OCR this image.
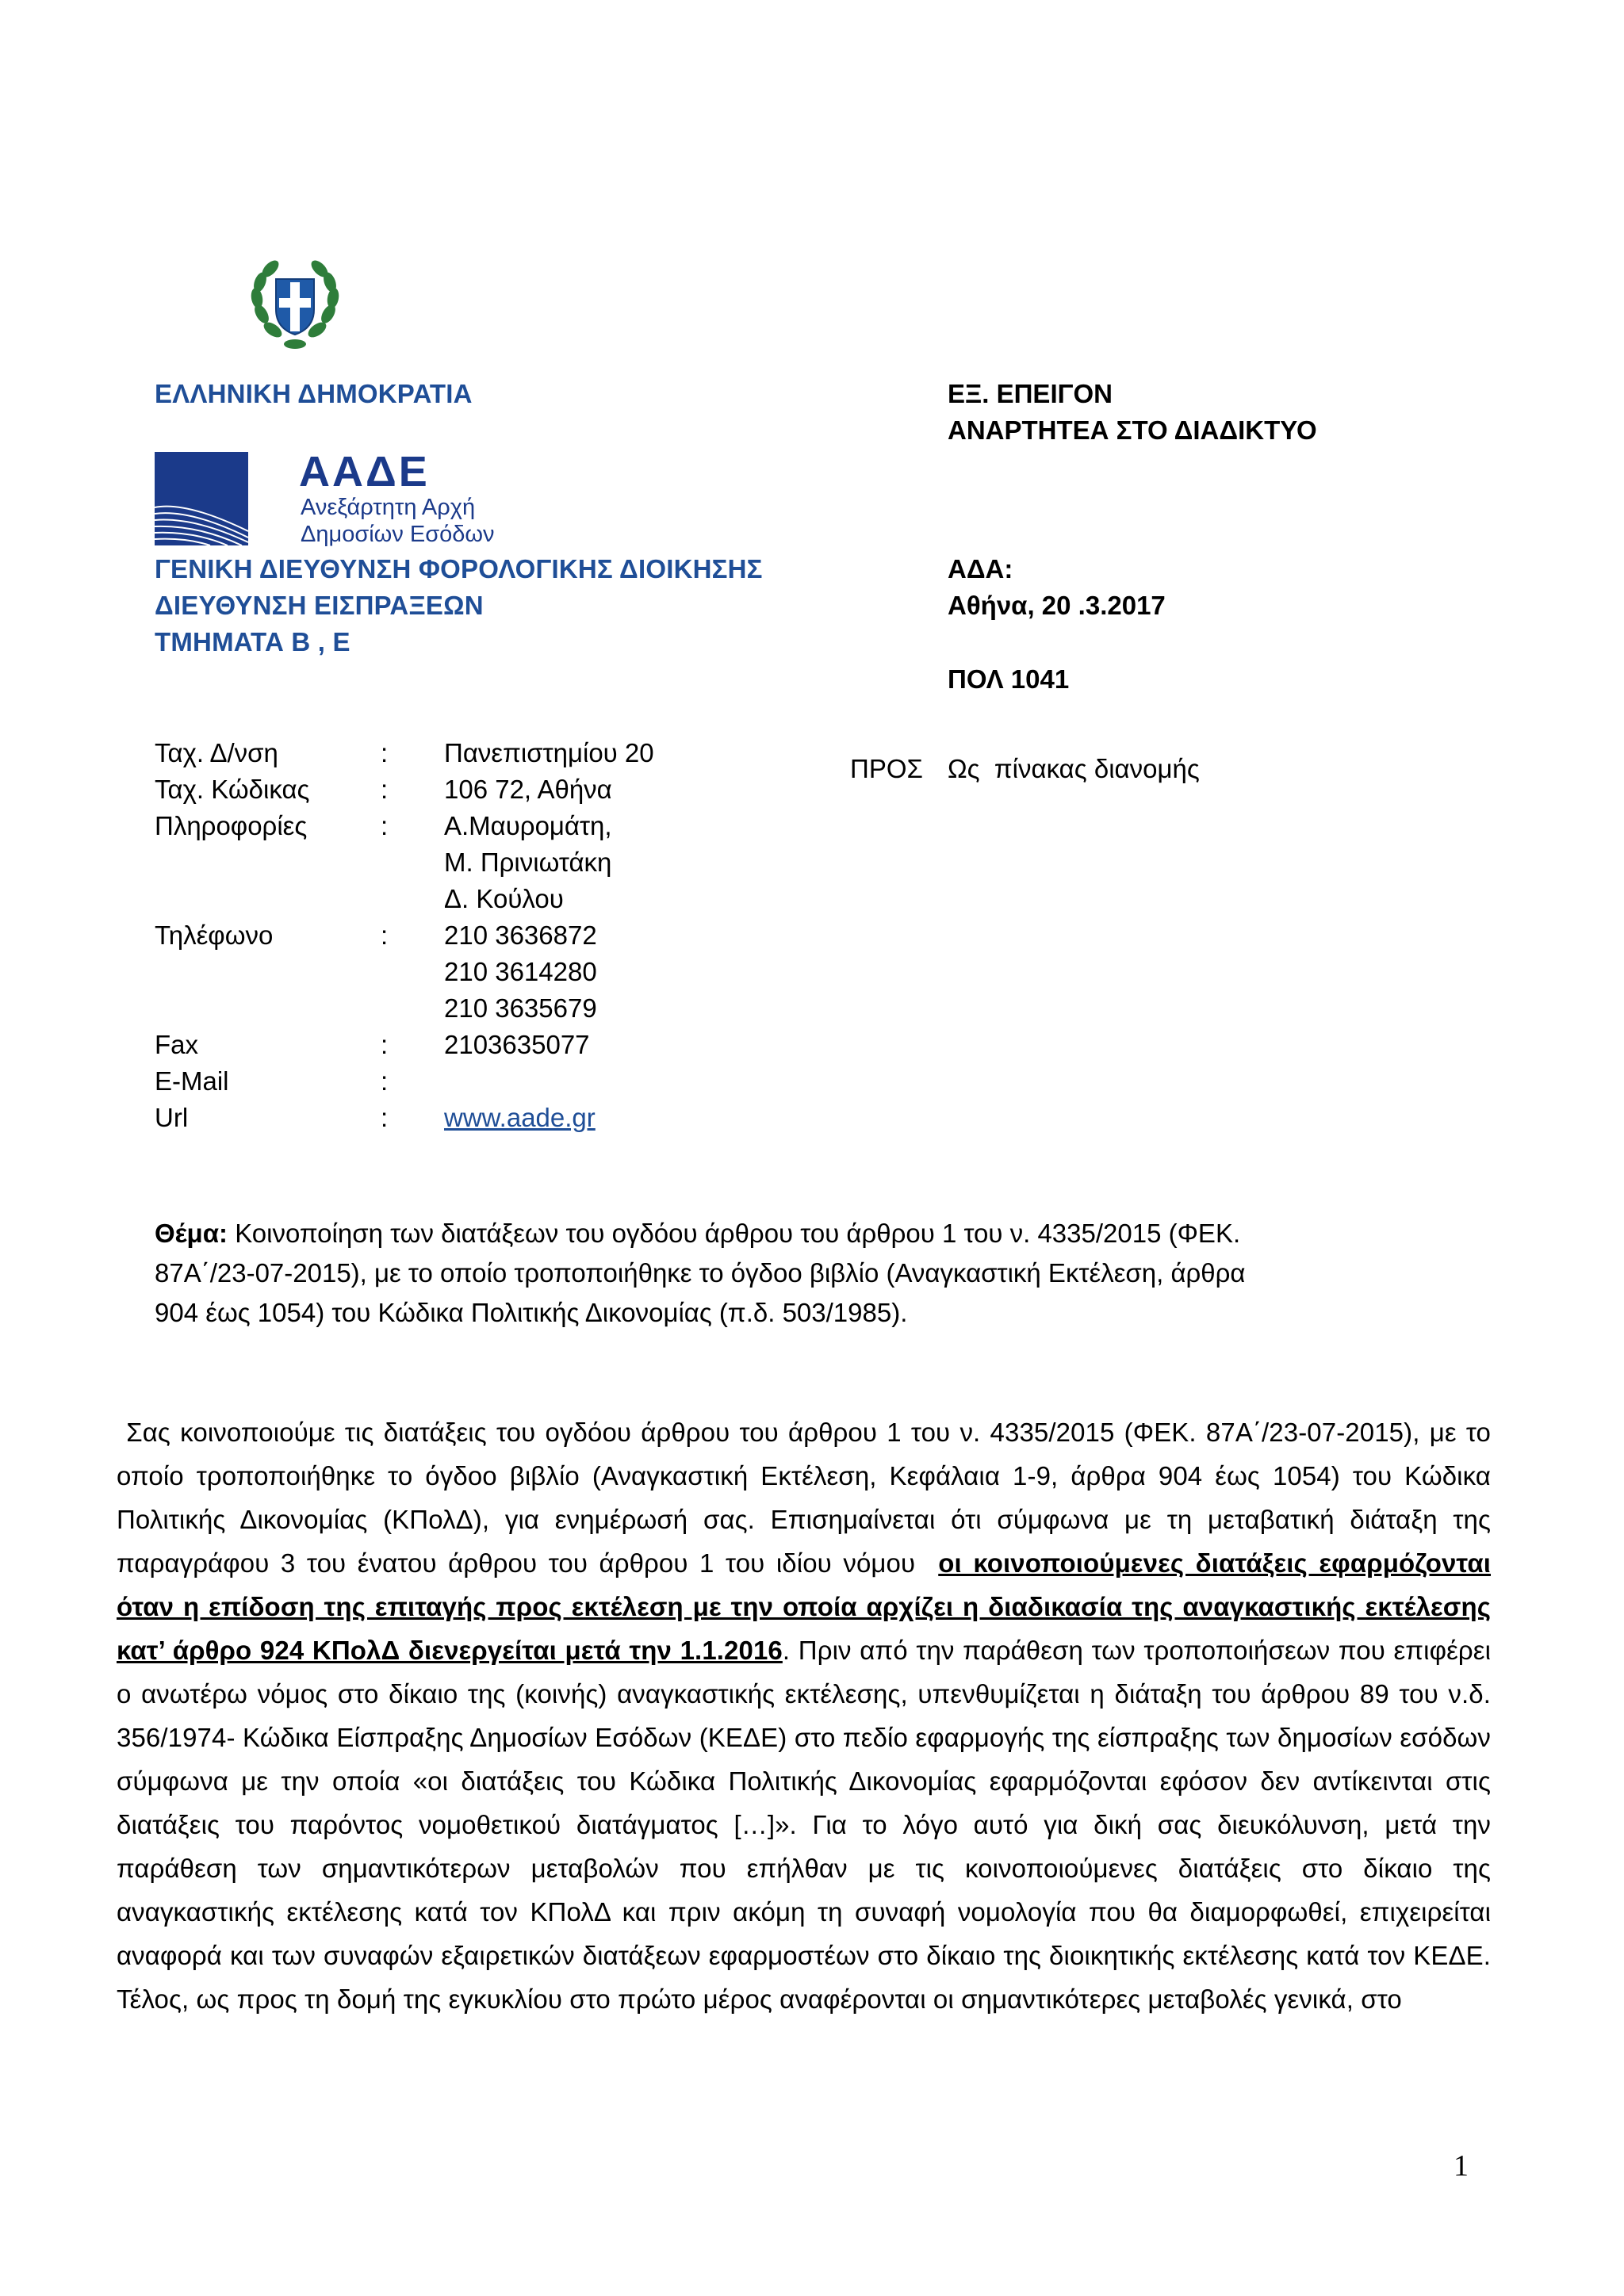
ΕΛΛΗΝΙΚΗ ΔΗΜΟΚΡΑΤΙΑ
ΑΑΔΕ
Ανεξάρτητη Αρχή
Δημοσίων Εσόδων
ΓΕΝΙΚΗ ΔΙΕΥΘΥΝΣΗ ΦΟΡΟΛΟΓΙΚΗΣ ΔΙΟΙΚΗΣΗΣ
ΔΙΕΥΘΥΝΣΗ ΕΙΣΠΡΑΞΕΩΝ
ΤΜΗΜΑΤΑ Β , Ε
ΕΞ. ΕΠΕΙΓΟΝ
ΑΝΑΡΤΗΤΕΑ ΣΤΟ ΔΙΑΔΙΚΤΥΟ
ΑΔΑ:
Αθήνα, 20 .3.2017
ΠΟΛ 1041
ΠΡΟΣ Ως  πίνακας διανομής
Ταχ. Δ/νση	: Πανεπιστημίου 20
Ταχ. Κώδικας	: 106 72, Αθήνα
Πληροφορίες	: Α.Μαυρομάτη,
Μ. Πρινιωτάκη
Δ. Κούλου
Τηλέφωνο	: 210 3636872
210 3614280
210 3635679
Fax	: 2103635077
E-Mail	:
Url	: www.aade.gr
Θέμα: Κοινοποίηση των διατάξεων του ογδόου άρθρου του άρθρου 1 του ν. 4335/2015 (ΦΕΚ.
87Α΄/23-07-2015), με το οποίο τροποποιήθηκε το όγδοο βιβλίο (Αναγκαστική Εκτέλεση, άρθρα
904 έως 1054) του Κώδικα Πολιτικής Δικονομίας (π.δ. 503/1985).
Σας κοινοποιούμε τις διατάξεις του ογδόου άρθρου του άρθρου 1 του ν. 4335/2015 (ΦΕΚ. 87Α΄/23-07-2015), με το οποίο τροποποιήθηκε το όγδοο βιβλίο (Αναγκαστική Εκτέλεση, Κεφάλαια 1-9, άρθρα 904 έως 1054) του Κώδικα Πολιτικής Δικονομίας (ΚΠολΔ), για ενημέρωσή σας. Επισημαίνεται ότι σύμφωνα με τη μεταβατική διάταξη της παραγράφου 3 του ένατου άρθρου του άρθρου 1 του ιδίου νόμου  οι κοινοποιούμενες διατάξεις εφαρμόζονται όταν η επίδοση της επιταγής προς εκτέλεση με την οποία αρχίζει η διαδικασία της αναγκαστικής εκτέλεσης κατ’ άρθρο 924 ΚΠολΔ διενεργείται μετά την 1.1.2016. Πριν από την παράθεση των τροποποιήσεων που επιφέρει ο ανωτέρω νόμος στο δίκαιο της (κοινής) αναγκαστικής εκτέλεσης, υπενθυμίζεται η διάταξη του άρθρου 89 του ν.δ. 356/1974- Κώδικα Είσπραξης Δημοσίων Εσόδων (ΚΕΔΕ) στο πεδίο εφαρμογής της είσπραξης των δημοσίων εσόδων σύμφωνα με την οποία «οι διατάξεις του Κώδικα Πολιτικής Δικονομίας εφαρμόζονται εφόσον δεν αντίκεινται στις διατάξεις του παρόντος νομοθετικού διατάγματος […]». Για το λόγο αυτό για δική σας διευκόλυνση, μετά την παράθεση των σημαντικότερων μεταβολών που επήλθαν με τις κοινοποιούμενες διατάξεις στο δίκαιο της αναγκαστικής εκτέλεσης κατά τον ΚΠολΔ και πριν ακόμη τη συναφή νομολογία που θα διαμορφωθεί, επιχειρείται αναφορά και των συναφών εξαιρετικών διατάξεων εφαρμοστέων στο δίκαιο της διοικητικής εκτέλεσης κατά τον ΚΕΔΕ. Τέλος, ως προς τη δομή της εγκυκλίου στο πρώτο μέρος αναφέρονται οι σημαντικότερες μεταβολές γενικά, στο
1
